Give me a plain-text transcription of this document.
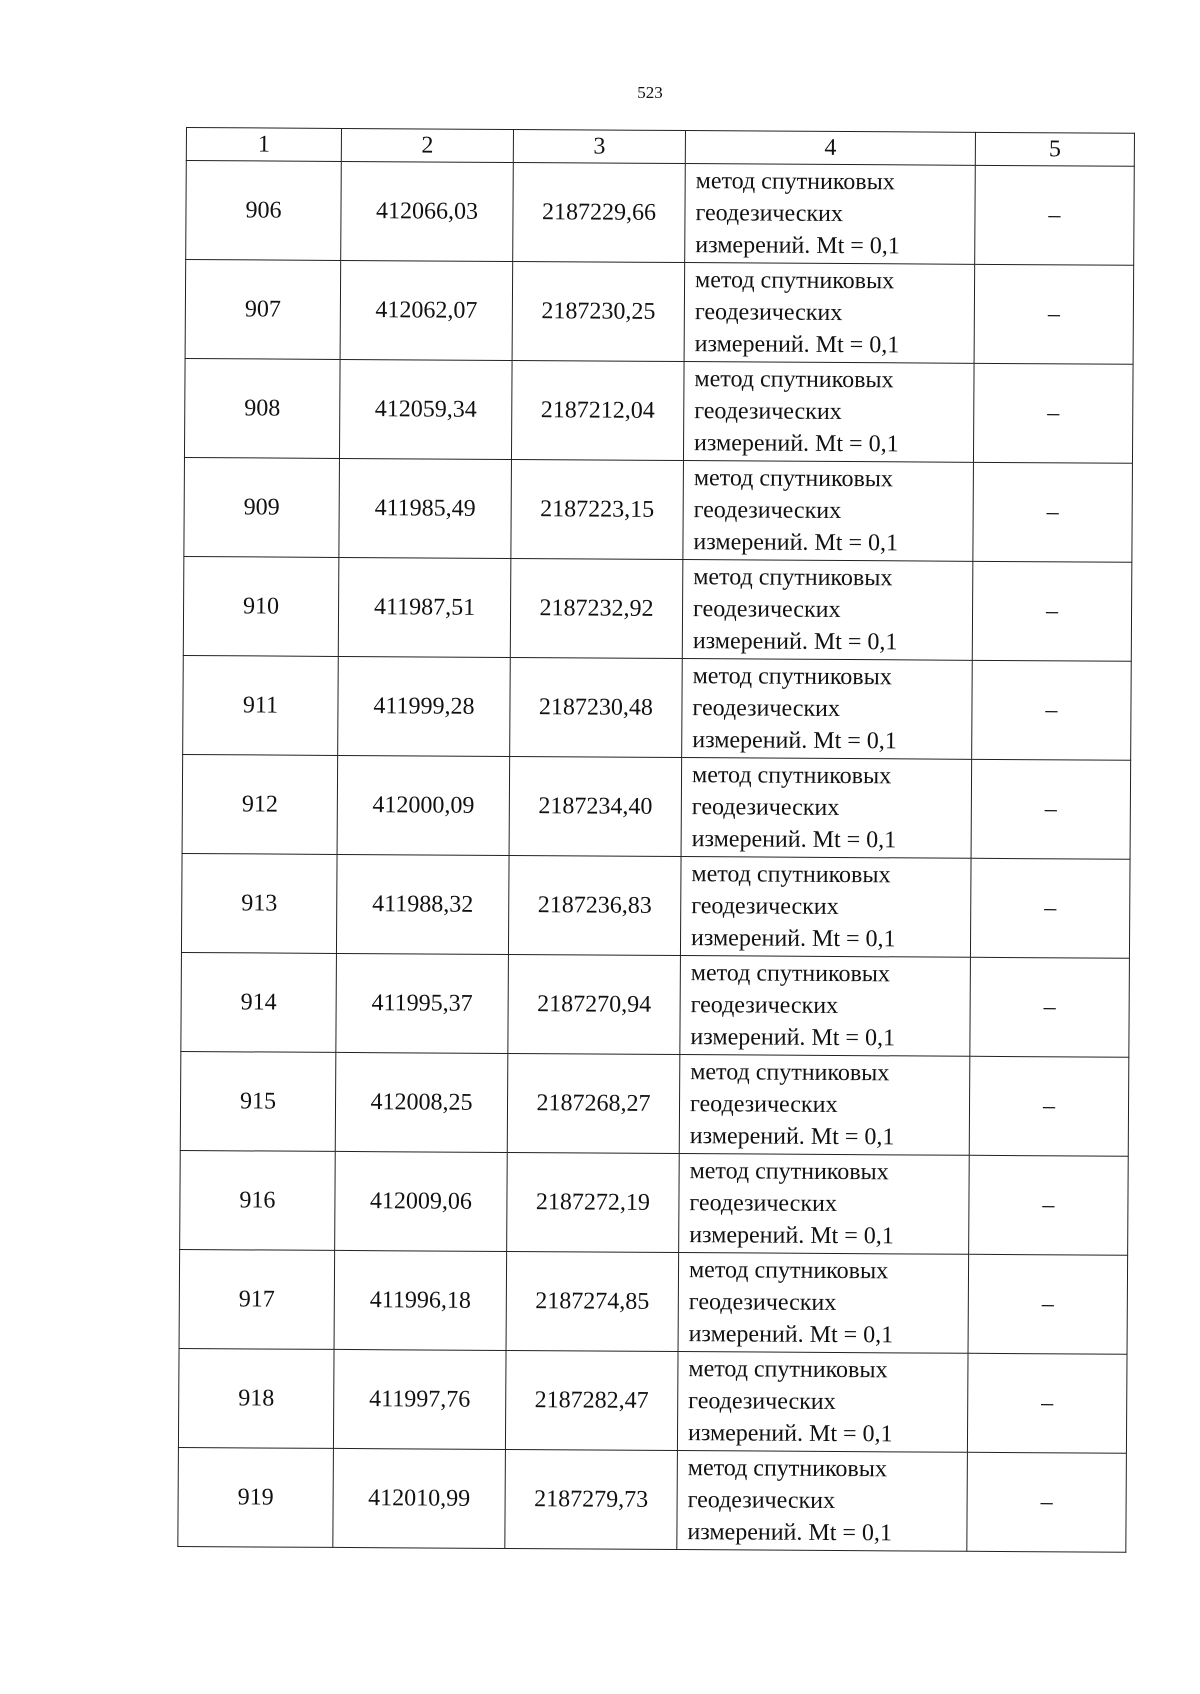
523
1	2	3	4	5
906	412066,03	2187229,66	метод спутниковых
геодезических
измерений. Mt = 0,1	–
907	412062,07	2187230,25	метод спутниковых
геодезических
измерений. Mt = 0,1	–
908	412059,34	2187212,04	метод спутниковых
геодезических
измерений. Mt = 0,1	–
909	411985,49	2187223,15	метод спутниковых
геодезических
измерений. Mt = 0,1	–
910	411987,51	2187232,92	метод спутниковых
геодезических
измерений. Mt = 0,1	–
911	411999,28	2187230,48	метод спутниковых
геодезических
измерений. Mt = 0,1	–
912	412000,09	2187234,40	метод спутниковых
геодезических
измерений. Mt = 0,1	–
913	411988,32	2187236,83	метод спутниковых
геодезических
измерений. Mt = 0,1	–
914	411995,37	2187270,94	метод спутниковых
геодезических
измерений. Mt = 0,1	–
915	412008,25	2187268,27	метод спутниковых
геодезических
измерений. Mt = 0,1	–
916	412009,06	2187272,19	метод спутниковых
геодезических
измерений. Mt = 0,1	–
917	411996,18	2187274,85	метод спутниковых
геодезических
измерений. Mt = 0,1	–
918	411997,76	2187282,47	метод спутниковых
геодезических
измерений. Mt = 0,1	–
919	412010,99	2187279,73	метод спутниковых
геодезических
измерений. Mt = 0,1	–
